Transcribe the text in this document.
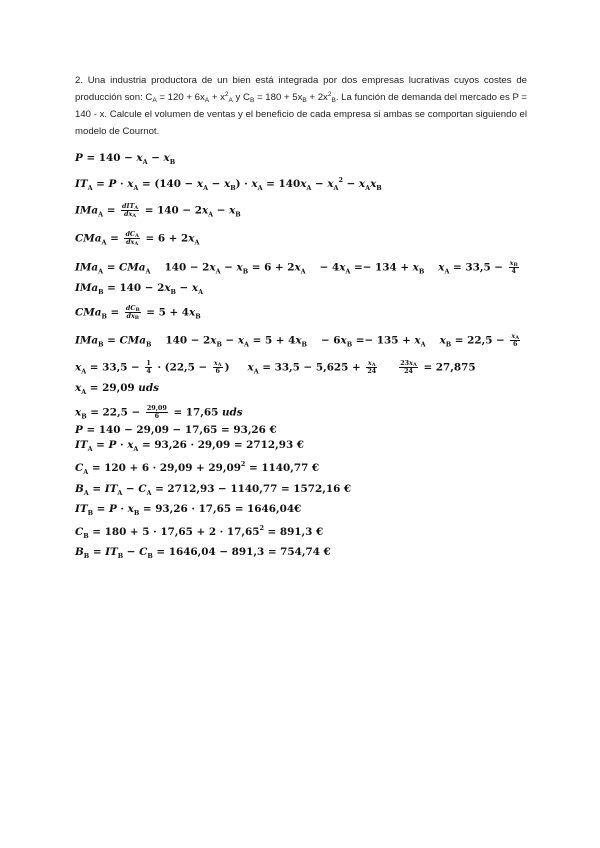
2. Una industria productora de un bien está integrada por dos empresas lucrativas cuyos costes de producción son: $C_A = 120 + 6x_A + x^2_A$ y $C_B = 180 + 5x_B + 2x^2_B$. La función de demanda del mercado es P = 140 - x. Calcule el volumen de ventas y el beneficio de cada empresa si ambas se comportan siguiendo el modelo de Cournot.
$P = 140 - x_A - x_B$
$IT_A = P \cdot x_A = (140 - x_A - x_B) \cdot x_A = 140x_A - x_A^2 - x_Ax_B$
$IMa_A = \frac{dIT_A}{dx_A} = 140 - 2x_A - x_B$
$CMa_A = \frac{dC_A}{dx_A} = 6 + 2x_A$
IMa$_A$ = CMa$_A$ $140 - 2x_A - x_B = 6 + 2x_A - 4x_A =- 134 + x_B$ $x_A = 33,5 - \frac{x_B}{4}$
$IMa_B = 140 - 2x_B - x_A$
$CMa_B = \frac{dC_B}{dx_B} = 5 + 4x_B$
IMa$_B$ = CMa$_B$ $140 - 2x_B - x_A = 5 + 4x_B - 6x_B =- 135 + x_A$ $x_B = 22,5 - \frac{x_A}{6}$
$x_A = 33,5 - \frac{1}{4} \cdot (22,5 - \frac{x_A}{6}$ ) $x_A = 33,5 - 5,625 + \frac{x_A}{24}$	$\frac{23x_A}{24} = 27,875$
$x_A = 29,09$ uds
$x_B = 22,5 - \frac{29,09}{6} = 17,65$ uds
P = 140 − 29,09 − 17,65 = 93,26 €
$IT_A = P \cdot x_A = 93,26 \cdot 29,09 = 2712,93$ €
$C_A = 120 + 6 \cdot 29,09 + 29,09^2 = 1140,77$ €
$B_A = IT_A - C_A = 2712,93 - 1140,77 = 1572,16$ €
$IT_B = P \cdot x_B = 93,26 \cdot 17,65$ = 1646,04€
$C_B = 180 + 5 \cdot 17,65 + 2 \cdot 17,65^2 = 891,3$ €
$B_B = IT_B - C_B = 1646,04 - 891,3 = 754,74$ €
